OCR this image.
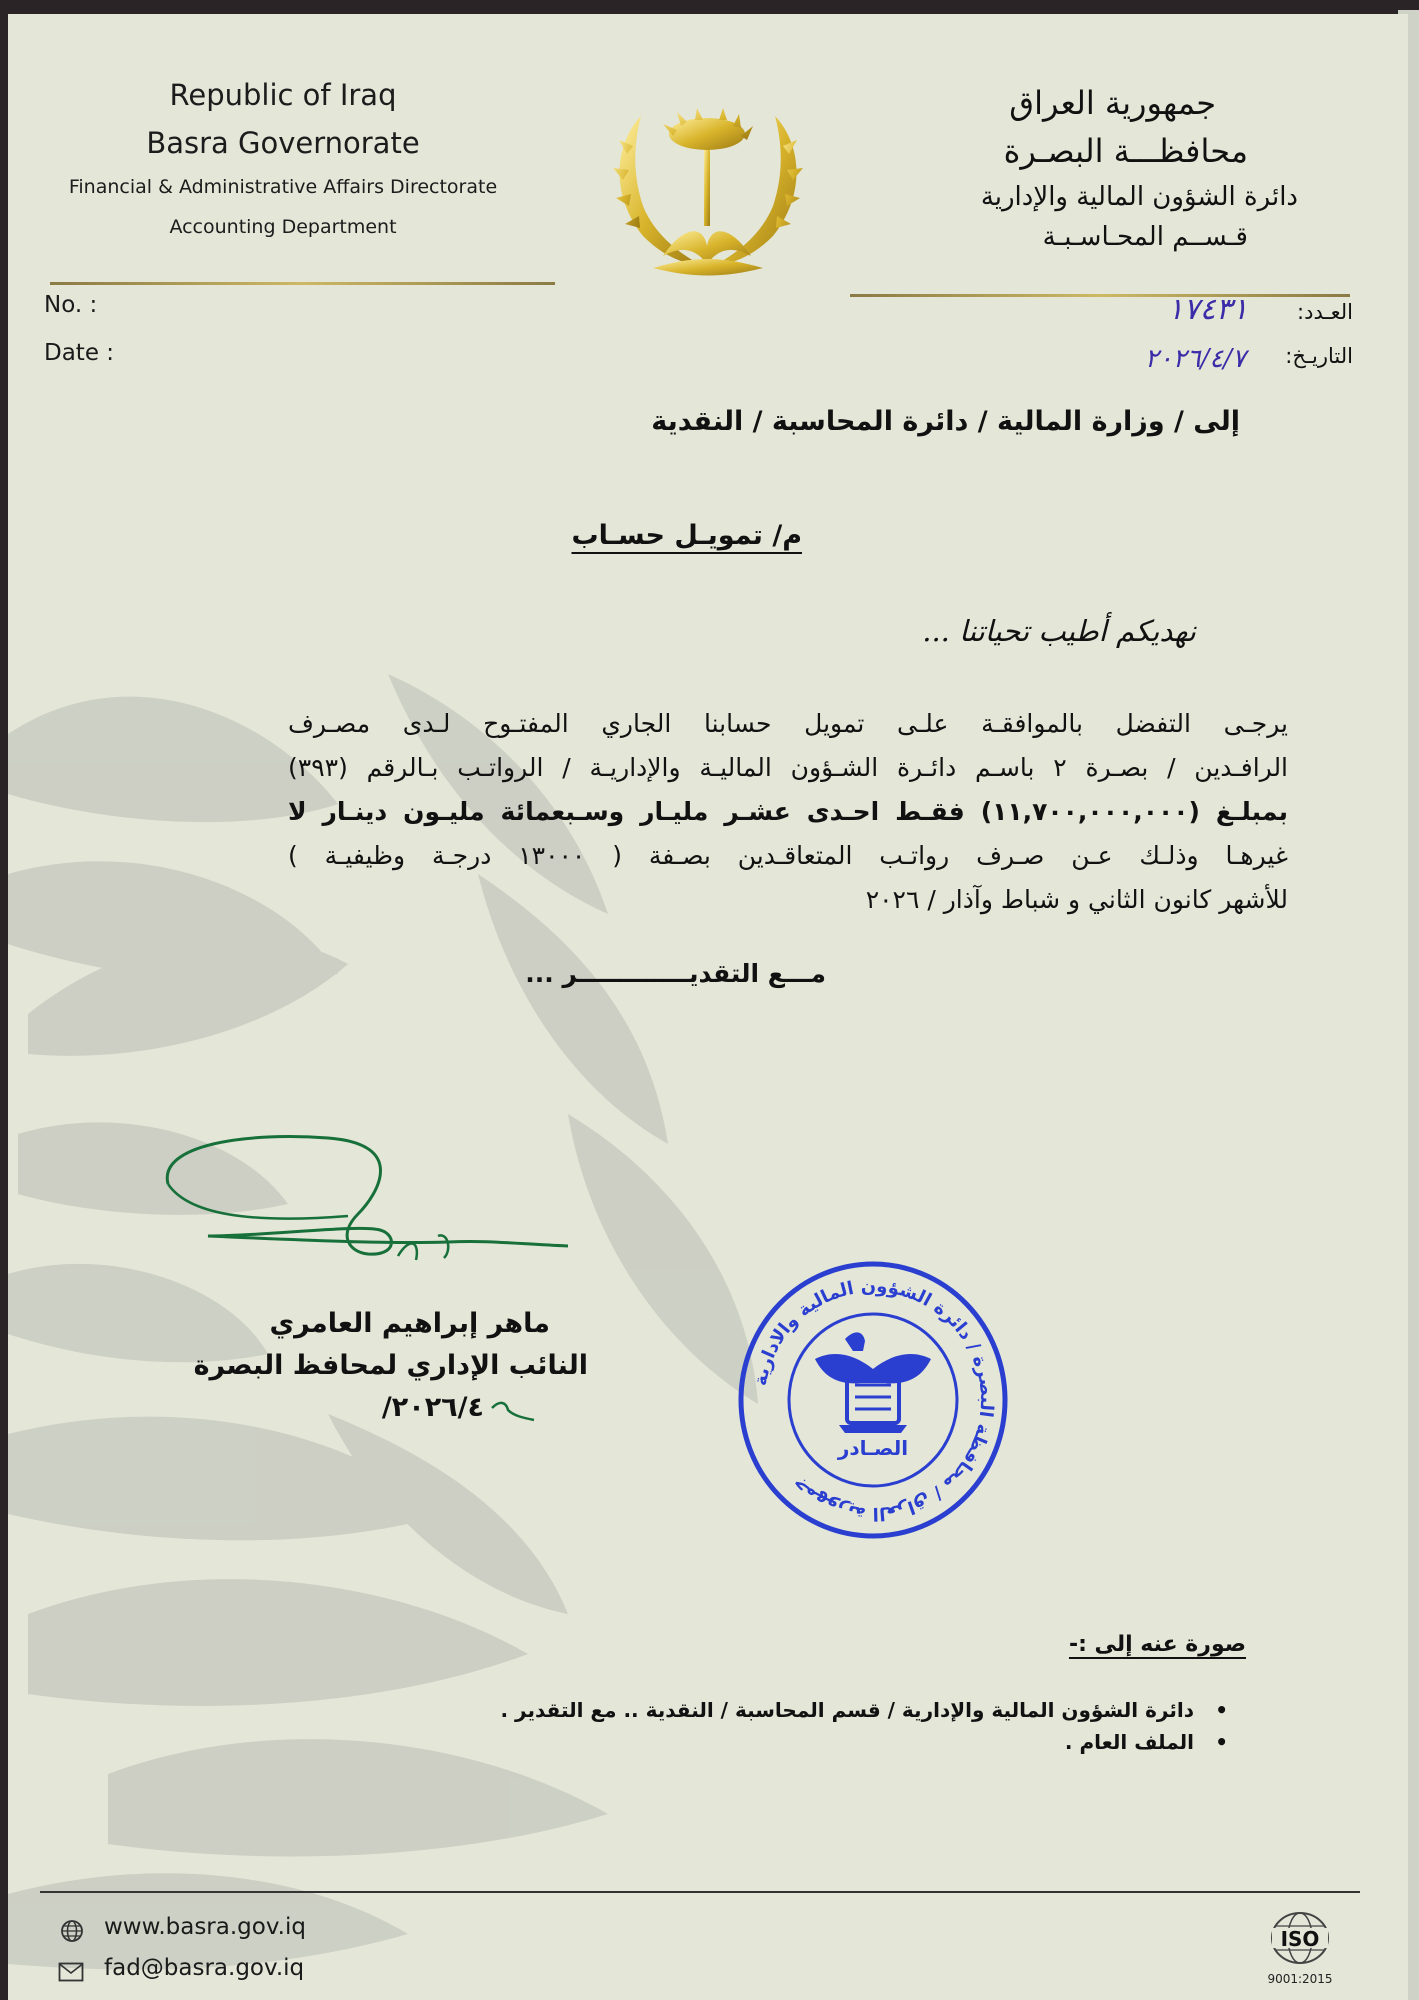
Republic of Iraq
Basra Governorate
Financial & Administrative Affairs Directorate
Accounting Department
جمهورية العراق
محافظـــة البصـرة
دائرة الشؤون المالية والإدارية
قـســم المحـاسـبـة
No. :
Date :
العـدد:
التاريـخ:
١٧٤٣١
٢٠٢٦/٤/٧
إلى / وزارة المالية / دائرة المحاسبة / النقدية
م/ تمويـل حسـاب
نهديكم أطيب تحياتنا ...
يرجـى التفضل بالموافقـة علـى تمويل حسابنا الجاري المفتـوح لـدى مصـرف
الرافـدين / بصـرة ٢ باسـم دائـرة الشـؤون الماليـة والإداريـة / الرواتـب بـالرقم (٣٩٣)
بمبلـغ (١١,٧٠٠,٠٠٠,٠٠٠) فقـط احـدى عشـر مليـار وسـبعمائة مليـون دينـار لا
غيرهـا وذلـك عـن صـرف رواتـب المتعاقـدين بصـفة ( ١٣٠٠٠ درجـة وظيفيـة )
للأشهر كانون الثاني و شباط وآذار / ٢٠٢٦
مـــع التقديـــــــــــــر ...
ماهر إبراهيم العامري
النائب الإداري لمحافظ البصرة
٢٠٢٦/٤/
جمهورية العراق / محافظة البصرة / دائرة الشؤون المالية والادارية
الصـادر
صورة عنه إلى :-
• دائرة الشؤون المالية والإدارية / قسم المحاسبة / النقدية .. مع التقدير .
• الملف العام .
www.basra.gov.iq
fad@basra.gov.iq
ISO
9001:2015
